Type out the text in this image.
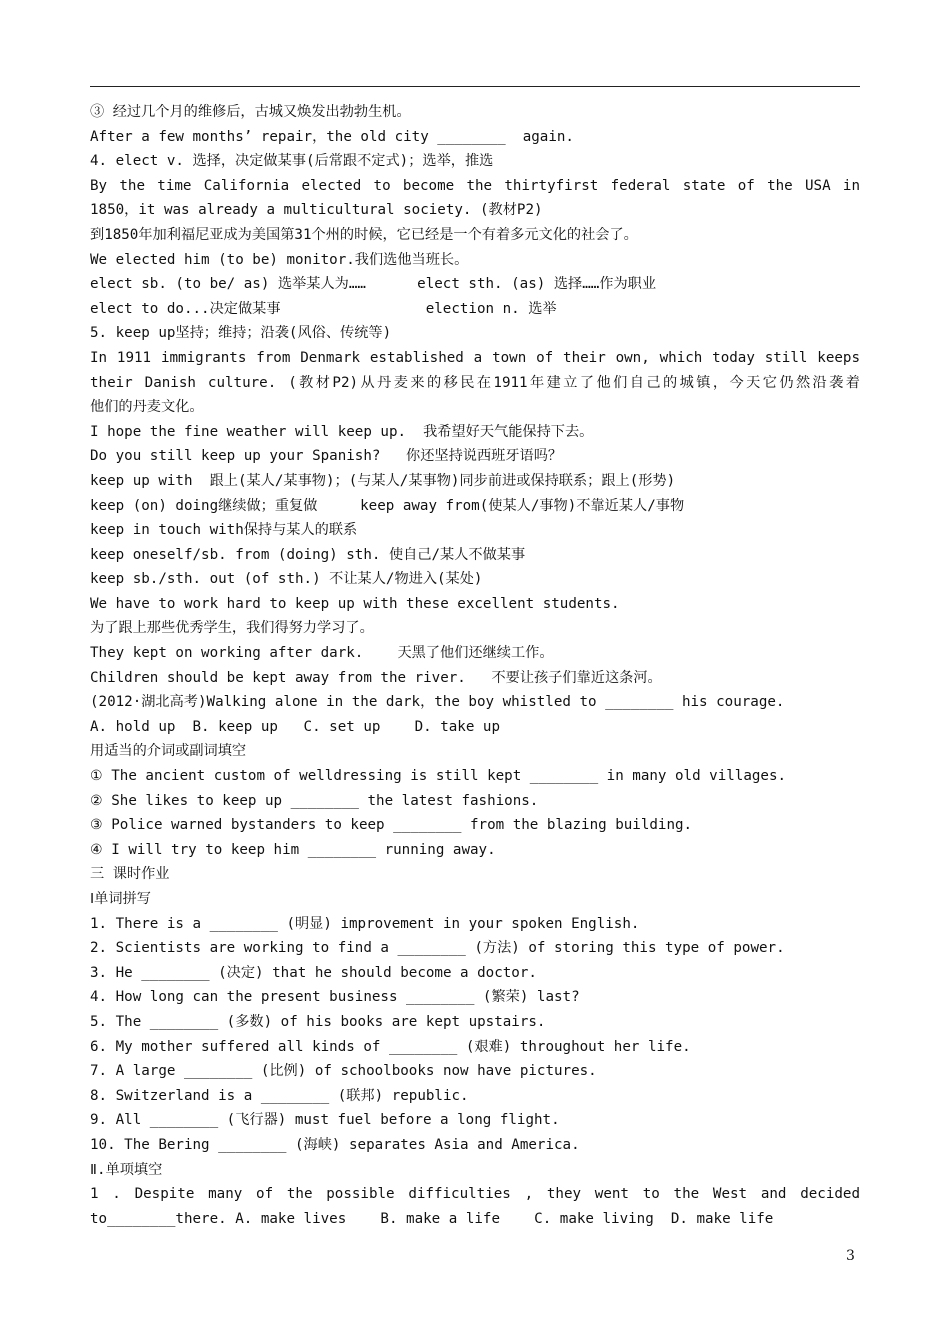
③ 经过几个月的维修后，古城又焕发出勃勃生机。
After a few months’ repair，the old city ________  again.
4. elect v. 选择，决定做某事(后常跟不定式)；选举，推选
By the time California elected to become the thirtyfirst federal state of the USA in
1850，it was already a multicultural society. (教材P2)
到1850年加利福尼亚成为美国第31个州的时候，它已经是一个有着多元文化的社会了。
We elected him (to be) monitor.我们选他当班长。
elect sb. (to be/ as) 选举某人为……      elect sth. (as) 选择……作为职业
elect to do...决定做某事                 election n. 选举
5. keep up坚持；维持；沿袭(风俗、传统等)
In 1911 immigrants from Denmark established a town of their own, which today still keeps
their Danish culture. (教材P2)从丹麦来的移民在1911年建立了他们自己的城镇，今天它仍然沿袭着
他们的丹麦文化。
I hope the fine weather will keep up.  我希望好天气能保持下去。
Do you still keep up your Spanish?   你还坚持说西班牙语吗？
keep up with  跟上(某人/某事物)；(与某人/某事物)同步前进或保持联系；跟上(形势)
keep (on) doing继续做；重复做     keep away from(使某人/事物)不靠近某人/事物
keep in touch with保持与某人的联系
keep oneself/sb. from (doing) sth. 使自己/某人不做某事
keep sb./sth. out (of sth.) 不让某人/物进入(某处)
We have to work hard to keep up with these excellent students.
为了跟上那些优秀学生，我们得努力学习了。
They kept on working after dark.    天黑了他们还继续工作。
Children should be kept away from the river.   不要让孩子们靠近这条河。
(2012·湖北高考)Walking alone in the dark，the boy whistled to ________ his courage.
A. hold up  B. keep up   C. set up    D. take up
用适当的介词或副词填空
① The ancient custom of welldressing is still kept ________ in many old villages.
② She likes to keep up ________ the latest fashions.
③ Police warned bystanders to keep ________ from the blazing building.
④ I will try to keep him ________ running away.
三 课时作业
Ⅰ单词拼写
1. There is a ________ (明显) improvement in your spoken English.
2. Scientists are working to find a ________ (方法) of storing this type of power.
3. He ________ (决定) that he should become a doctor.
4. How long can the present business ________ (繁荣) last?
5. The ________ (多数) of his books are kept upstairs.
6. My mother suffered all kinds of ________ (艰难) throughout her life.
7. A large ________ (比例) of schoolbooks now have pictures.
8. Switzerland is a ________ (联邦) republic.
9. All ________ (飞行器) must fuel before a long flight.
10. The Bering ________ (海峡) separates Asia and America.
Ⅱ.单项填空
1 . Despite many of the possible difficulties , they went to the West and decided
to________there. A. make lives    B. make a life    C. make living  D. make life
3
